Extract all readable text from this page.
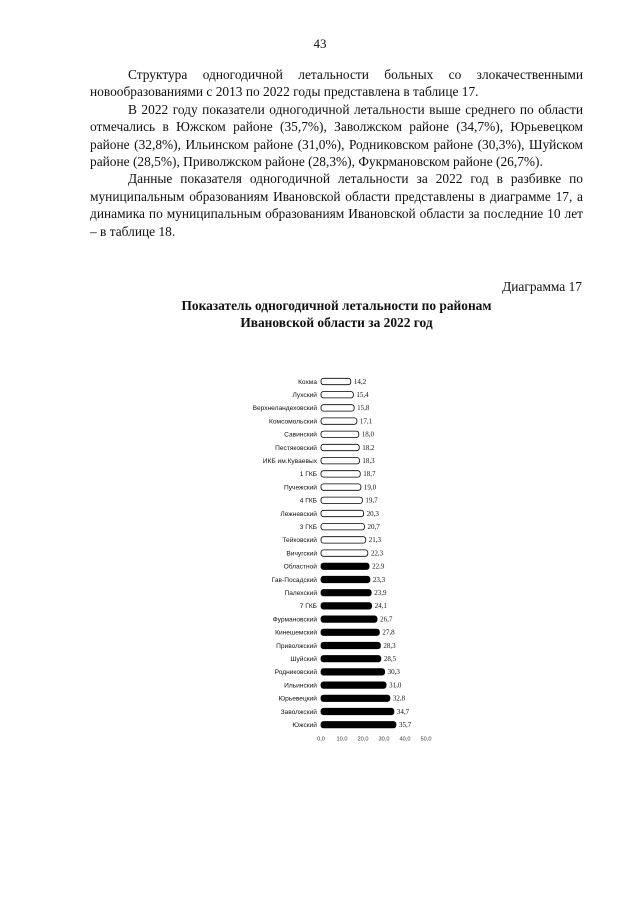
43

Структура одногодичной летальности больных со злокачественными новообразованиями с 2013 по 2022 годы представлена в таблице 17.

В 2022 году показатели одногодичной летальности выше среднего по области отмечались в Южском районе (35,7%), Заволжском районе (34,7%), Юрьевецком районе (32,8%), Ильинском районе (31,0%), Родниковском районе (30,3%), Шуйском районе (28,5%), Приволжском районе (28,3%), Фукрмановском районе (26,7%).

Данные показателя одногодичной летальности за 2022 год в разбивке по муниципальным образованиям Ивановской области представлены в диаграмме 17, а динамика по муниципальным образованиям Ивановской области за последние 10 лет – в таблице 18.

Диаграмма 17
Показатель одногодичной летальности по районам
Ивановской области за 2022 год
Кохма	14,2
Лухский	15,4
Верхнеландеховский	15,8
Комсомольский	17,1
Савинский	18,0
Пестяковский	18,2
ИКБ им.Куваевых	18,3
1 ГКБ	18,7
Пучежский	19,0
4 ГКБ	19,7
Лежневский	20,3
3 ГКБ	20,7
Тейковский	21,3
Вичугский	22,3
Областной	22,9
Гав-Посадский	23,3
Палехский	23,9
7 ГКБ	24,1
Фурмановский	26,7
Кинешемский	27,8
Приволжский	28,3
Шуйский	28,5
Родниковский	30,3
Ильинский	31,0
Юрьевецкий	32,8
Заволжский	34,7
Южский	35,7
0,0 10,0 20,0 30,0 40,0 50,0
